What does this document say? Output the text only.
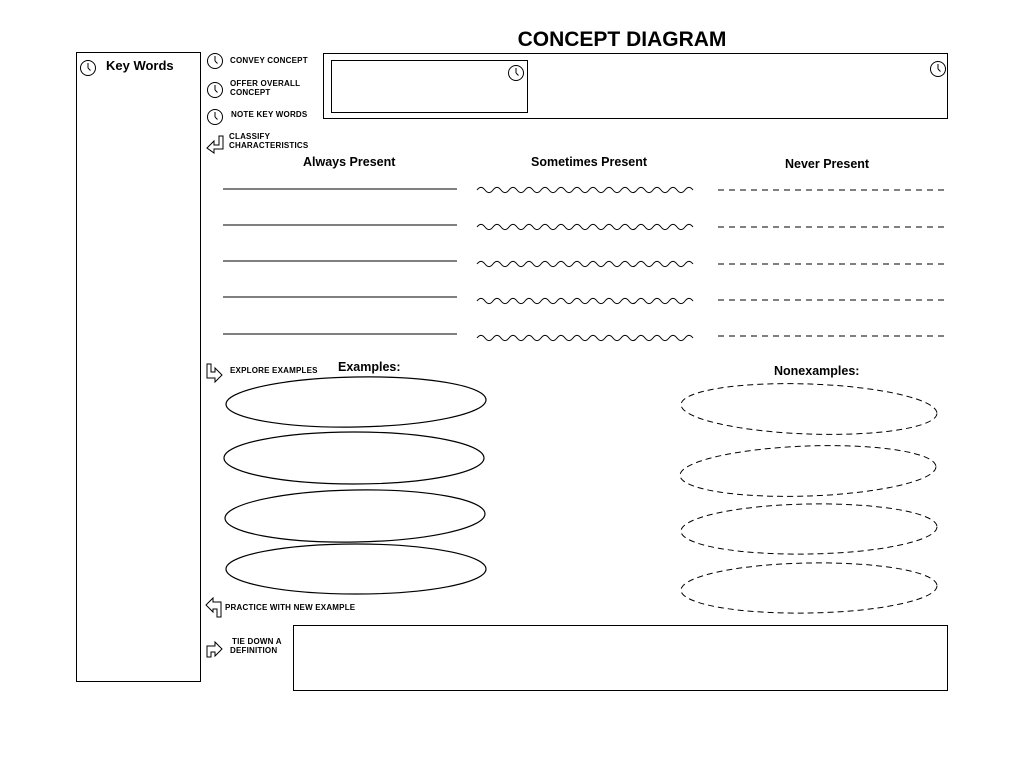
CONCEPT DIAGRAM
Key Words	CONVEY CONCEPT
OFFER OVERALL
CONCEPT
NOTE KEY WORDS
CLASSIFY
CHARACTERISTICS
EXPLORE EXAMPLES
PRACTICE WITH NEW EXAMPLE
TIE DOWN A
DEFINITION
Always Present	Sometimes Present	Never Present
Examples:	Nonexamples:
